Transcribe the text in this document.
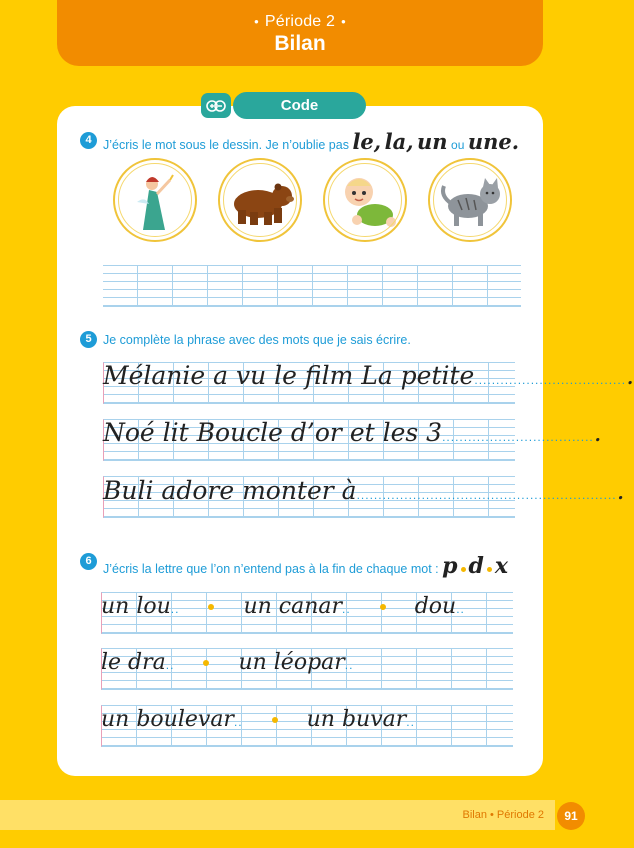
• Période 2 •
Bilan
Code
4 J’écris le mot sous le dessin. Je n’oublie pas le, la, un ou une.
5 Je complète la phrase avec des mots que je sais écrire.
Mélanie a vu le film La petite....................................
Noé lit Boucle d’or et les 3....................................
Buli adore monter à.............................................................
6
J’écris la lettre que l’on n’entend pas à la fin de chaque mot : p d x
un lou..	un canar..	dou..
le dra..	un léopar..
un boulevar..	un buvar..
Bilan • Période 2	91
